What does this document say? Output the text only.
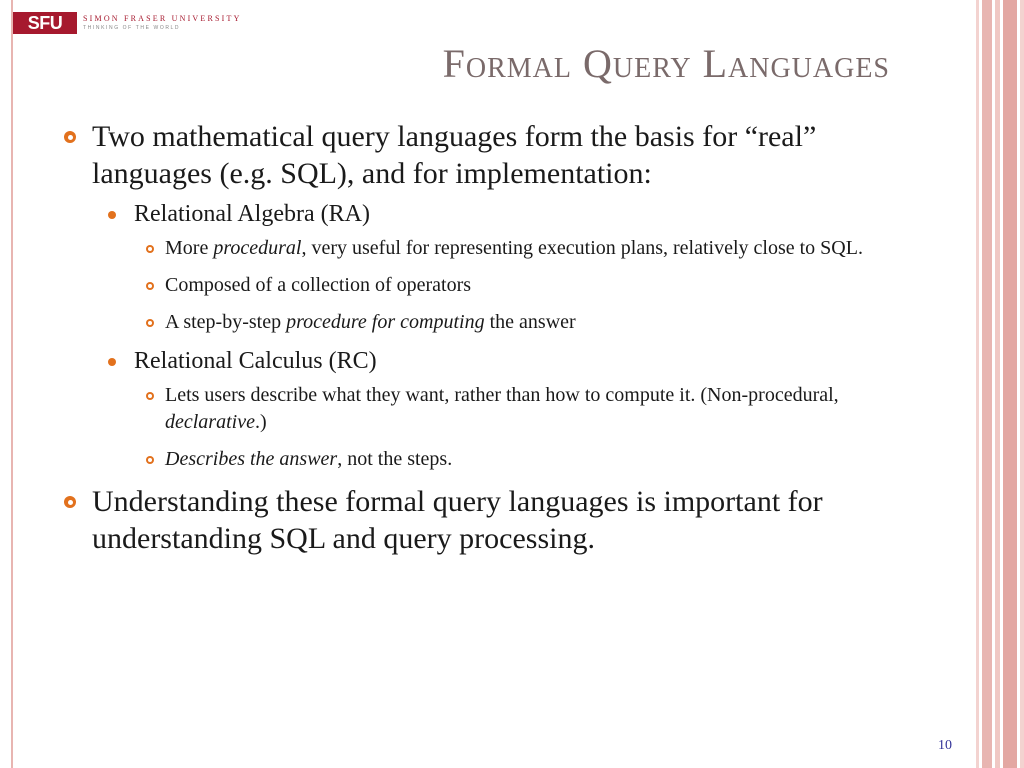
SFU	SIMON FRASER UNIVERSITY
THINKING OF THE WORLD
Formal Query Languages
Two mathematical query languages form the basis for “real” languages (e.g. SQL), and for implementation:
Relational Algebra (RA)
More procedural, very useful for representing execution plans, relatively close to SQL.
Composed of a collection of operators
A step-by-step procedure for computing the answer
Relational Calculus (RC)
Lets users describe what they want, rather than how to compute it. (Non-procedural, declarative.)
Describes the answer, not the steps.
Understanding these formal query languages is important for understanding SQL and query processing.
10
